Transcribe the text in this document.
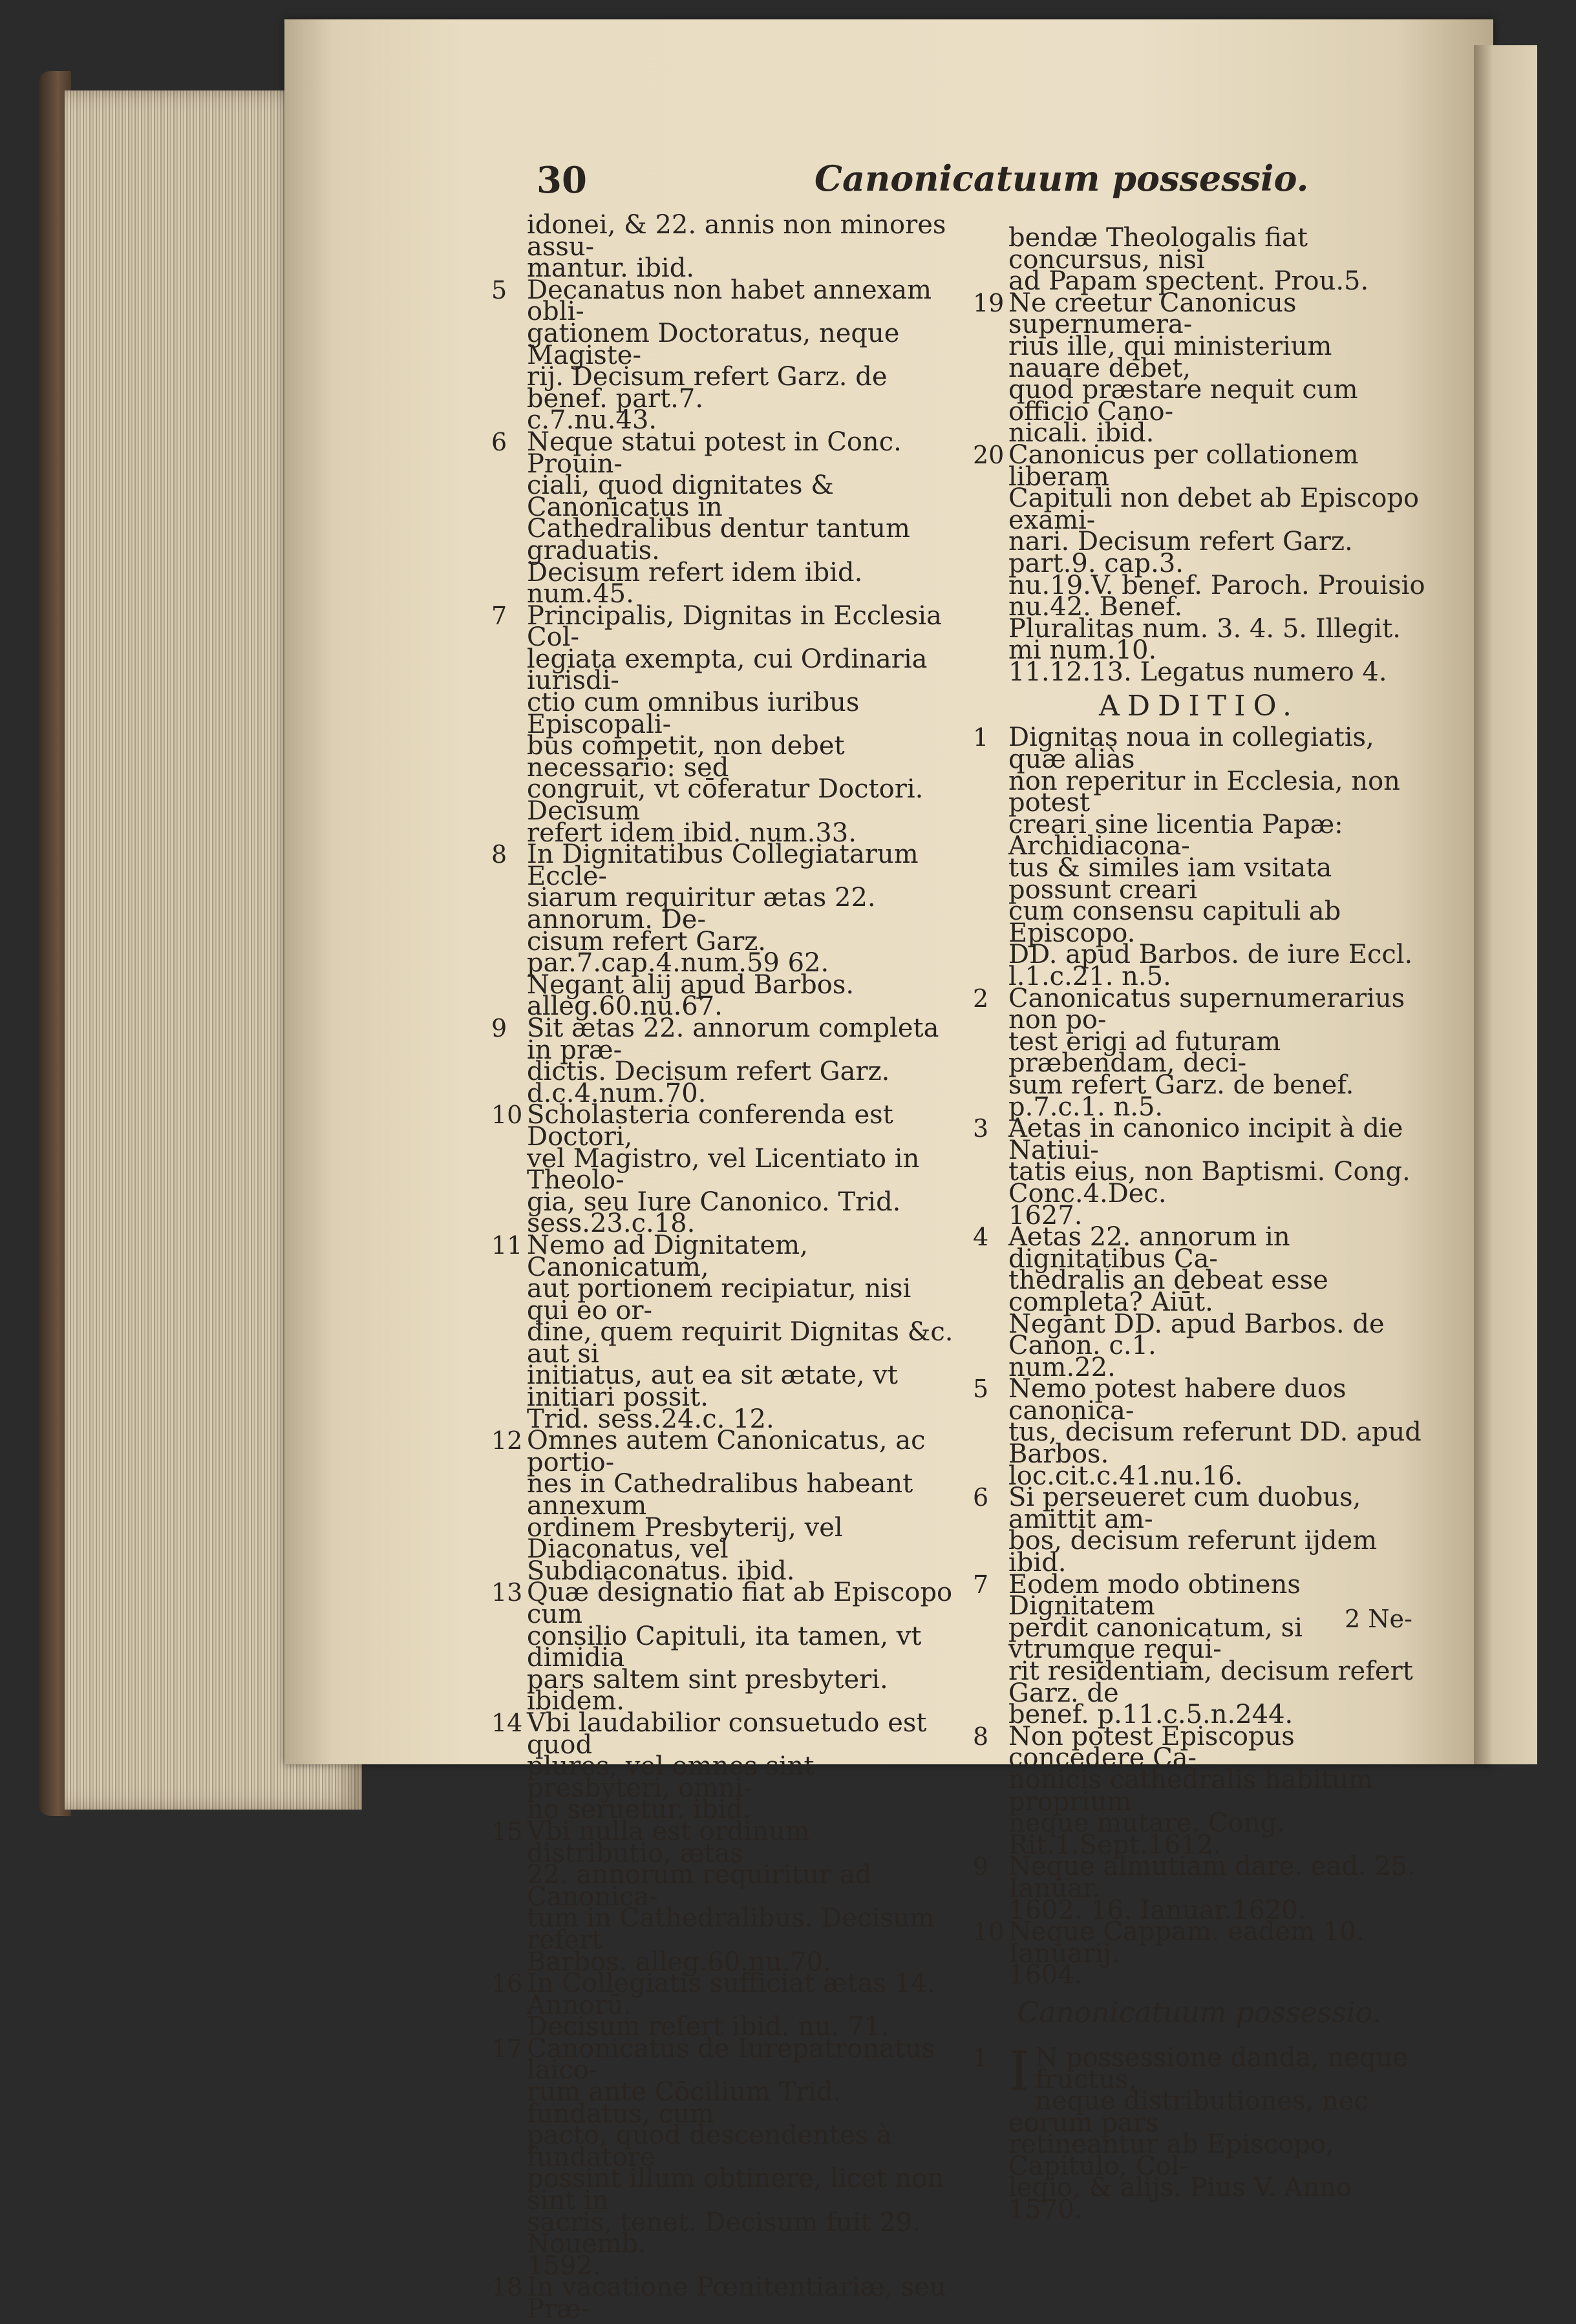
30	Canonicatuum possessio.

idonei, & 22. annis non minores assu-
mantur. ibid.

5 Decanatus non habet annexam obli-
gationem Doctoratus, neque Magiste-
rij. Decisum refert Garz. de benef. part.7.
c.7.nu.43.
6 Neque statui potest in Conc. Prouin-
ciali, quod dignitates & Canonicatus in
Cathedralibus dentur tantum graduatis.
Decisum refert idem ibid. num.45.
7 Principalis, Dignitas in Ecclesia Col-
legiata exempta, cui Ordinaria iurisdi-
ctio cum omnibus iuribus Episcopali-
bus competit, non debet necessario: sed
congruit, vt cōferatur Doctori. Decisum
refert idem ibid. num.33.
8 In Dignitatibus Collegiatarum Eccle-
siarum requiritur ætas 22. annorum. De-
cisum refert Garz. par.7.cap.4.num.59 62.
Negant alij apud Barbos. alleg.60.nu.67.
9 Sit ætas 22. annorum completa in præ-
dictis. Decisum refert Garz. d.c.4.num.70.
10 Scholasteria conferenda est Doctori,
vel Magistro, vel Licentiato in Theolo-
gia, seu Iure Canonico. Trid. sess.23.c.18.
11 Nemo ad Dignitatem, Canonicatum,
aut portionem recipiatur, nisi qui eo or-
dine, quem requirit Dignitas &c. aut si
initiatus, aut ea sit ætate, vt initiari possit.
Trid. sess.24.c. 12.
12 Omnes autem Canonicatus, ac portio-
nes in Cathedralibus habeant annexum
ordinem Presbyterij, vel Diaconatus, vel
Subdiaconatus. ibid.
13 Quæ designatio fiat ab Episcopo cum
consilio Capituli, ita tamen, vt dimidia
pars saltem sint presbyteri. ibidem.
14 Vbi laudabilior consuetudo est quod
plures, vel omnes sint presbyteri, omni-
no seruetur. ibid.
15 Vbi nulla est ordinum distributio, ætas
22. annorum requiritur ad Canonica-
tum in Cathedralibus. Decisum refert
Barbos. alleg.60.nu.70.
16 In Collegiatis sufficiat ætas 14. Annorū.
Decisum refert ibid. nu. 71.
17 Canonicatus de Iurepatronatus laico-
rum ante Cōcilium Trid. fundatus, cum
pacto, quod descendentes à fundatore
possint illum obtinere, licet non sint in
sacris, tenet. Decisum fuit 29. Nouemb.
1592.
18 In vacatione Pœnitentiariæ, seu Præ-

bendæ Theologalis fiat concursus, nisi
ad Papam spectent. Prou.5.

19 Ne creetur Canonicus supernumera-
rius ille, qui ministerium nauare debet,
quod præstare nequit cum officio Cano-
nicali. ibid.
20 Canonicus per collationem liberam
Capituli non debet ab Episcopo exami-
nari. Decisum refert Garz. part.9. cap.3.
nu.19.V. benef. Paroch. Prouisio nu.42. Benef.
Pluralitas num. 3. 4. 5. Illegit. mi num.10.
11.12.13. Legatus numero 4.
ADDITIO.
1 Dignitas noua in collegiatis, quæ aliàs
non reperitur in Ecclesia, non potest
creari sine licentia Papæ: Archidiacona-
tus & similes iam vsitata possunt creari
cum consensu capituli ab Episcopo.
DD. apud Barbos. de iure Eccl. l.1.c.21. n.5.
2 Canonicatus supernumerarius non po-
test erigi ad futuram præbendam, deci-
sum refert Garz. de benef. p.7.c.1. n.5.
3 Aetas in canonico incipit à die Natiui-
tatis eius, non Baptismi. Cong. Conc.4.Dec.
1627.
4 Aetas 22. annorum in dignitatibus Ca-
thedralis an debeat esse completa? Aiūt.
Negant DD. apud Barbos. de Canon. c.1.
num.22.
5 Nemo potest habere duos canonica-
tus, decisum referunt DD. apud Barbos.
loc.cit.c.41.nu.16.
6 Si perseueret cum duobus, amittit am-
bos, decisum referunt ijdem ibid.
7 Eodem modo obtinens Dignitatem
perdit canonicatum, si vtrumque requi-
rit residentiam, decisum refert Garz. de
benef. p.11.c.5.n.244.
8 Non potest Episcopus concedere Ca-
nonicis cathedralis habitum proprium
neque mutare. Cong. Rit.1.Sept.1612.
9 Neque almutiam dare. ead. 25. Ianuar.
1602. 16. Ianuar.1620.
10 Neque Cappam. eadem 10. Ianuarij.
1604.
Canonicatuum possessio.
1 I N possessione danda, neque fructus,
neque distributiones, nec eorum pars
retineantur ab Episcopo, Capitulo, Col-
legio, & alijs. Pius V. Anno 1570.
2 Ne-
